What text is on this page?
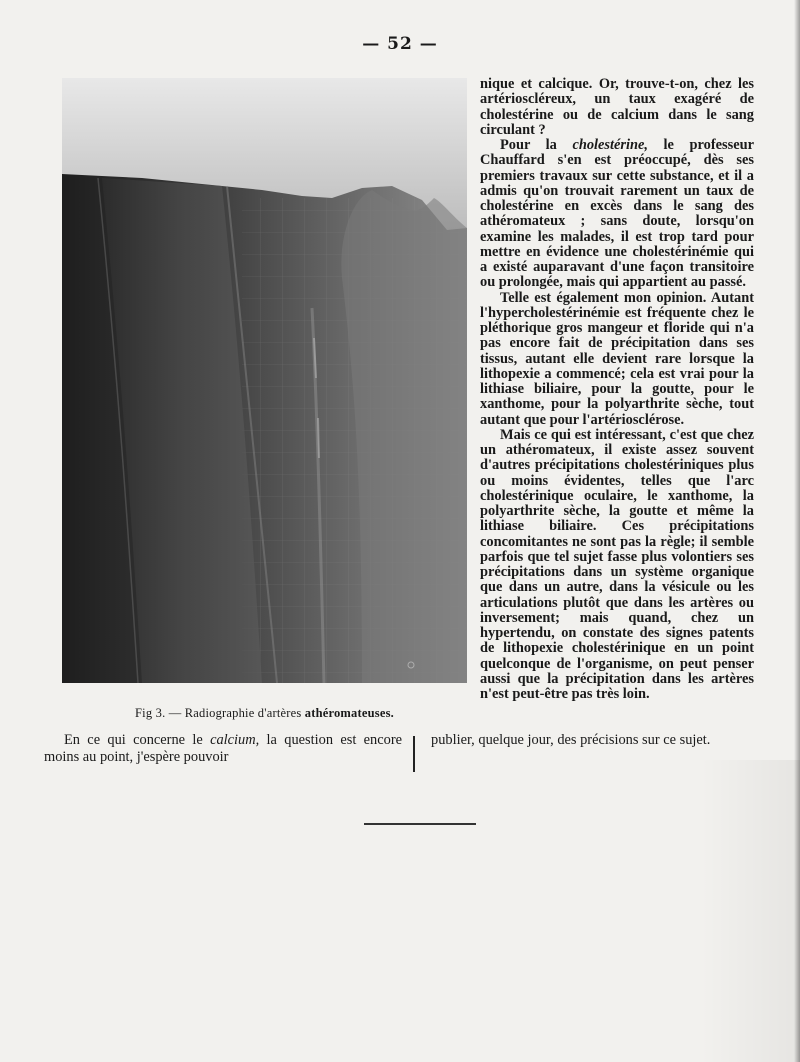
— 52 —
Fig 3. — Radiographie d'artères athéromateuses.

nique et calcique. Or, trouve-t-on, chez les artérioscléreux, un taux exagéré de cholestérine ou de calcium dans le sang circulant ?

Pour la cholestérine, le professeur Chauffard s'en est préoccupé, dès ses premiers travaux sur cette substance, et il a admis qu'on trouvait rarement un taux de cholestérine en excès dans le sang des athéromateux ; sans doute, lorsqu'on examine les malades, il est trop tard pour mettre en évidence une cholestérinémie qui a existé auparavant d'une façon transitoire ou prolongée, mais qui appartient au passé.

Telle est également mon opinion. Autant l'hypercholestérinémie est fréquente chez le pléthorique gros mangeur et floride qui n'a pas encore fait de précipitation dans ses tissus, autant elle devient rare lorsque la lithopexie a commencé; cela est vrai pour la lithiase biliaire, pour la goutte, pour le xanthome, pour la polyarthrite sèche, tout autant que pour l'artériosclérose.

Mais ce qui est intéressant, c'est que chez un athéromateux, il existe assez souvent d'autres précipitations cholestériniques plus ou moins évidentes, telles que l'arc cholestérinique oculaire, le xanthome, la polyarthrite sèche, la goutte et même la lithiase biliaire. Ces précipitations concomitantes ne sont pas la règle; il semble parfois que tel sujet fasse plus volontiers ses précipitations dans un système organique que dans un autre, dans la vésicule ou les articulations plutôt que dans les artères ou inversement; mais quand, chez un hypertendu, on constate des signes patents de lithopexie cholestérinique en un point quelconque de l'organisme, on peut penser aussi que la précipitation dans les artères n'est peut-être pas très loin.

En ce qui concerne le calcium, la question est encore moins au point, j'espère pouvoir

publier, quelque jour, des précisions sur ce sujet.
